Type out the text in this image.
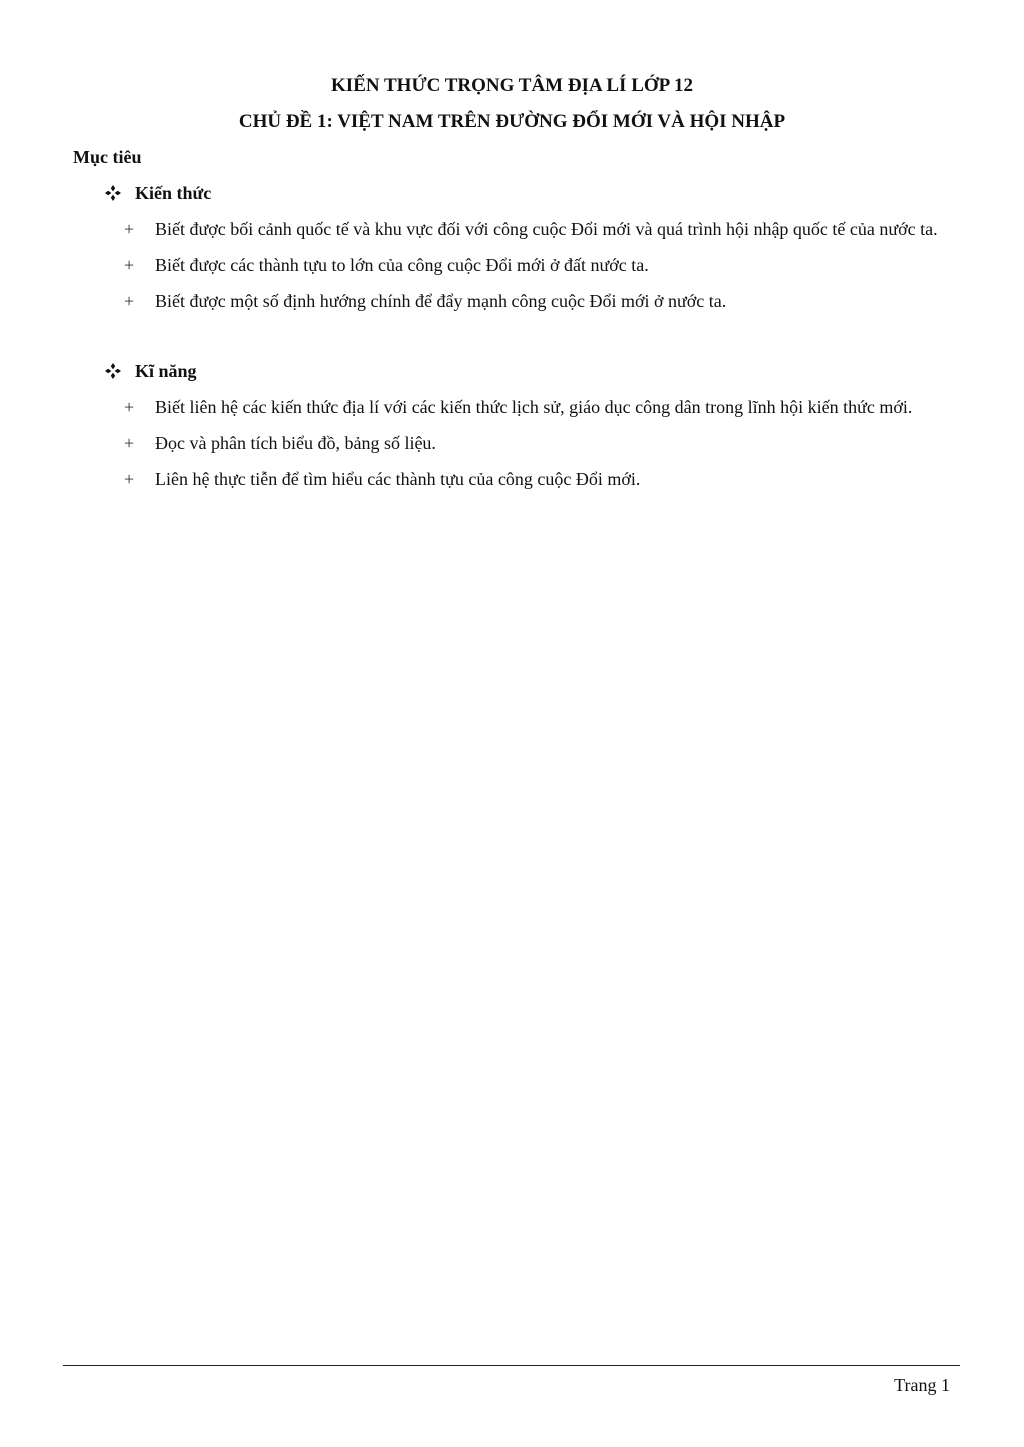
KIẾN THỨC TRỌNG TÂM ĐỊA LÍ LỚP 12
CHỦ ĐỀ 1: VIỆT NAM TRÊN ĐƯỜNG ĐỔI MỚI VÀ HỘI NHẬP

Mục tiêu

Kiến thức
+	Biết được bối cảnh quốc tế và khu vực đối với công cuộc Đổi mới và quá trình hội nhập quốc tế của nước ta.
+	Biết được các thành tựu to lớn của công cuộc Đổi mới ở đất nước ta.
+	Biết được một số định hướng chính để đẩy mạnh công cuộc Đổi mới ở nước ta.
Kĩ năng
+	Biết liên hệ các kiến thức địa lí với các kiến thức lịch sử, giáo dục công dân trong lĩnh hội kiến thức mới.
+	Đọc và phân tích biểu đồ, bảng số liệu.
+	Liên hệ thực tiễn để tìm hiểu các thành tựu của công cuộc Đổi mới.
Trang 1
